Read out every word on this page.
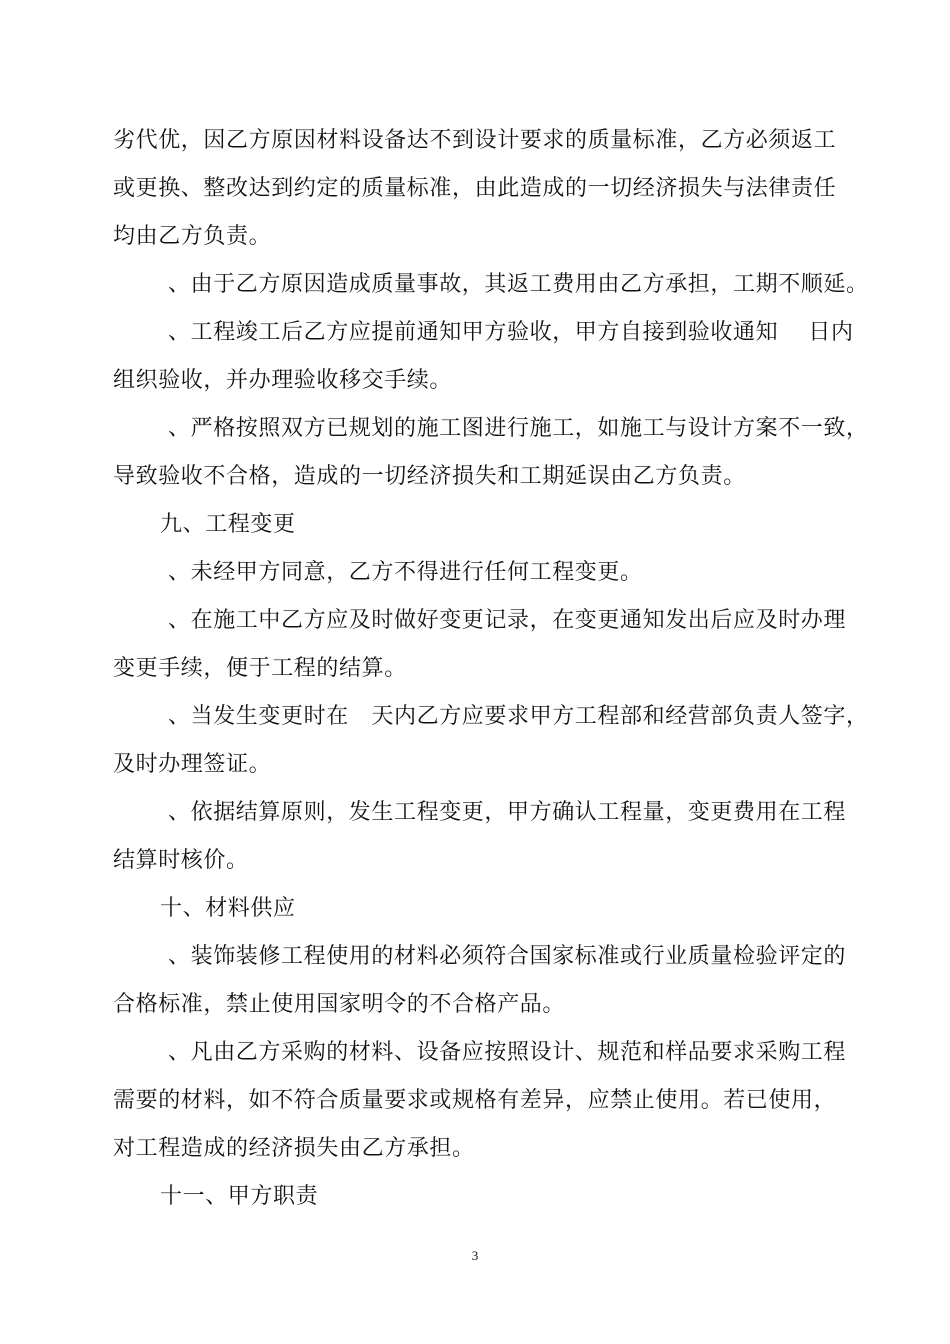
劣代优，因乙方原因材料设备达不到设计要求的质量标准，乙方必须返工
或更换、整改达到约定的质量标准，由此造成的一切经济损失与法律责任
均由乙方负责。
、由于乙方原因造成质量事故，其返工费用由乙方承担，工期不顺延。
、工程竣工后乙方应提前通知甲方验收，甲方自接到验收通知　 日内
组织验收，并办理验收移交手续。
、严格按照双方已规划的施工图进行施工，如施工与设计方案不一致，
导致验收不合格，造成的一切经济损失和工期延误由乙方负责。
九、工程变更
、未经甲方同意，乙方不得进行任何工程变更。
、在施工中乙方应及时做好变更记录，在变更通知发出后应及时办理
变更手续，便于工程的结算。
、当发生变更时在　天内乙方应要求甲方工程部和经营部负责人签字，
及时办理签证。
、依据结算原则，发生工程变更，甲方确认工程量，变更费用在工程
结算时核价。
十、材料供应
、装饰装修工程使用的材料必须符合国家标准或行业质量检验评定的
合格标准，禁止使用国家明令的不合格产品。
、凡由乙方采购的材料、设备应按照设计、规范和样品要求采购工程
需要的材料，如不符合质量要求或规格有差异，应禁止使用。若已使用，
对工程造成的经济损失由乙方承担。
十一、甲方职责
3
